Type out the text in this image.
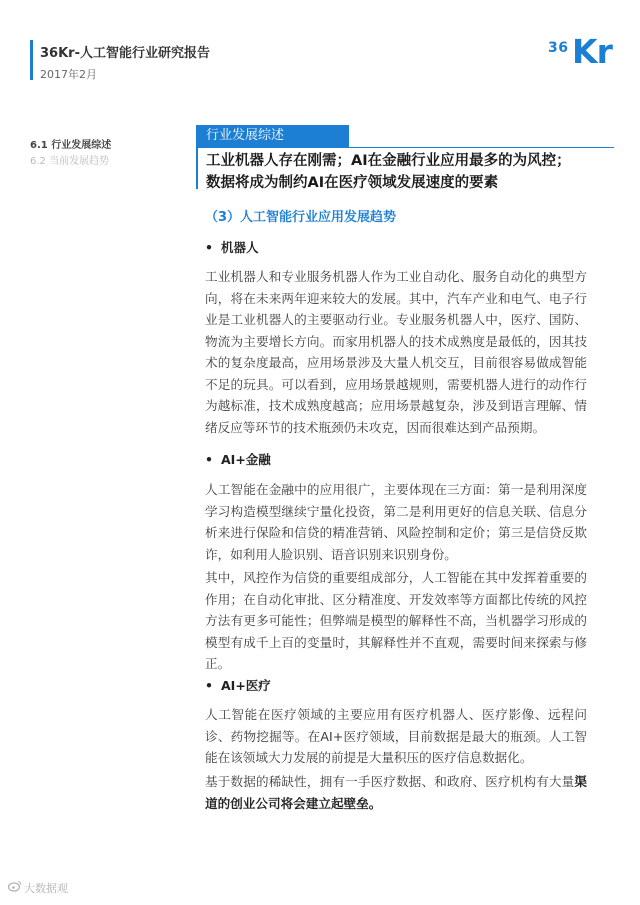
36Kr-人工智能行业研究报告
2017年2月
36 Kr
6.1 行业发展综述
6.2 当前发展趋势
行业发展综述
工业机器人存在刚需；AI在金融行业应用最多的为风控；
数据将成为制约AI在医疗领域发展速度的要素
（3）人工智能行业应用发展趋势
• 机器人
工业机器人和专业服务机器人作为工业自动化、服务自动化的典型方向，将在未来两年迎来较大的发展。其中，汽车产业和电气、电子行业是工业机器人的主要驱动行业。专业服务机器人中，医疗、国防、物流为主要增长方向。而家用机器人的技术成熟度是最低的，因其技术的复杂度最高，应用场景涉及大量人机交互，目前很容易做成智能不足的玩具。可以看到，应用场景越规则，需要机器人进行的动作行为越标准，技术成熟度越高；应用场景越复杂，涉及到语言理解、情绪反应等环节的技术瓶颈仍未攻克，因而很难达到产品预期。
• AI+金融
人工智能在金融中的应用很广，主要体现在三方面：第一是利用深度学习构造模型继续宁量化投资，第二是利用更好的信息关联、信息分析来进行保险和信贷的精准营销、风险控制和定价；第三是信贷反欺诈，如利用人脸识别、语音识别来识别身份。
其中，风控作为信贷的重要组成部分，人工智能在其中发挥着重要的作用；在自动化审批、区分精准度、开发效率等方面都比传统的风控方法有更多可能性；但弊端是模型的解释性不高，当机器学习形成的模型有成千上百的变量时，其解释性并不直观，需要时间来探索与修正。
• AI+医疗
人工智能在医疗领域的主要应用有医疗机器人、医疗影像、远程问诊、药物挖掘等。在AI+医疗领域，目前数据是最大的瓶颈。人工智能在该领域大力发展的前提是大量积压的医疗信息数据化。
基于数据的稀缺性，拥有一手医疗数据、和政府、医疗机构有大量渠道的创业公司将会建立起壁垒。
大数据观
